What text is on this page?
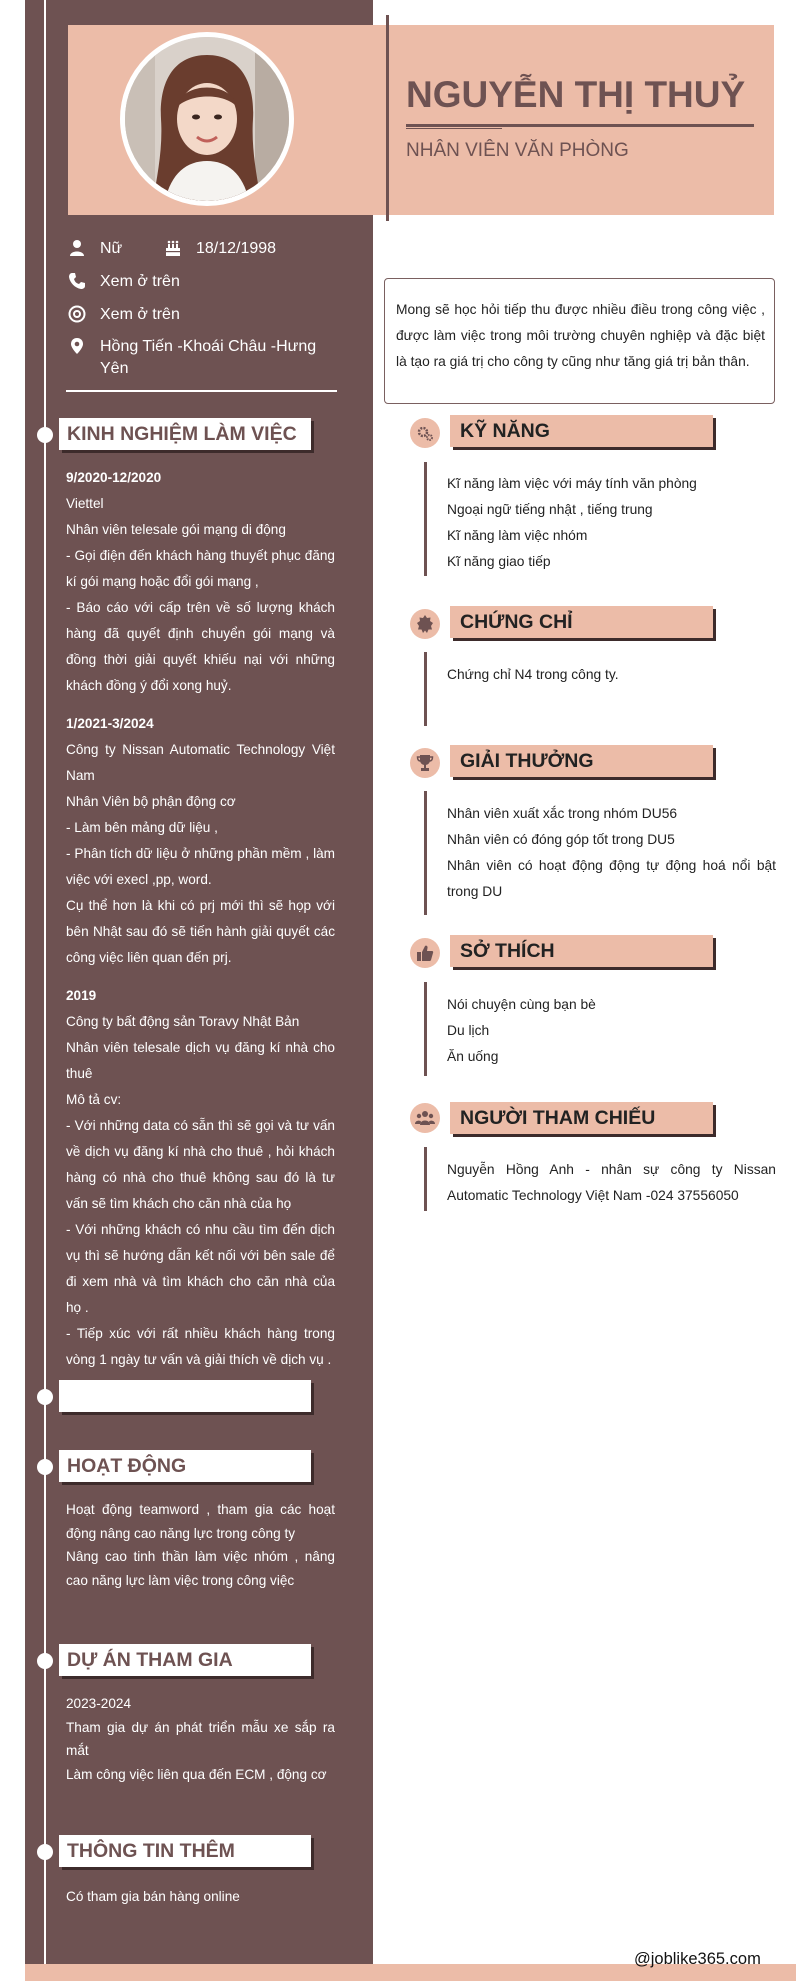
NGUYỄN THỊ THUỶ
NHÂN VIÊN VĂN PHÒNG
Nữ	18/12/1998
Xem ở trên
Xem ở trên
Hồng Tiến -Khoái Châu -Hưng
Yên
KINH NGHIỆM LÀM VIỆC
9/2020-12/2020
Viettel
Nhân viên telesale gói mạng di động
- Gọi điện đến khách hàng thuyết phục đăng kí gói mạng hoặc đổi gói mạng ,
- Báo cáo với cấp trên về số lượng khách hàng đã quyết định chuyển gói mạng và đồng thời giải quyết khiếu nại với những khách đồng ý đổi xong huỷ.
1/2021-3/2024
Công ty Nissan Automatic Technology Việt Nam
Nhân Viên bộ phận động cơ
- Làm bên mảng dữ liệu ,
- Phân tích dữ liệu ở những phần mềm , làm việc với execl ,pp, word.
Cụ thể hơn là khi có prj mới thì sẽ họp với bên Nhật sau đó sẽ tiến hành giải quyết các công việc liên quan đến prj.
2019
Công ty bất động sản Toravy Nhật Bản
Nhân viên telesale dịch vụ đăng kí nhà cho thuê
Mô tả cv:
- Với những data có sẵn thì sẽ gọi và tư vấn về dịch vụ đăng kí nhà cho thuê , hỏi khách hàng có nhà cho thuê không sau đó là tư vấn sẽ tìm khách cho căn nhà của họ
- Với những khách có nhu cầu tìm đến dịch vụ thì sẽ hướng dẫn kết nối với bên sale để đi xem nhà và tìm khách cho căn nhà của họ .
- Tiếp xúc với rất nhiều khách hàng trong vòng 1 ngày tư vấn và giải thích về dịch vụ .
HOẠT ĐỘNG
Hoạt động teamword , tham gia các hoạt động nâng cao năng lực trong công ty
Nâng cao tinh thần làm việc nhóm , nâng cao năng lực làm việc trong công việc
DỰ ÁN THAM GIA
2023-2024
Tham gia dự án phát triển mẫu xe sắp ra mắt
Làm công việc liên qua đến ECM , động cơ
THÔNG TIN THÊM
Có tham gia bán hàng online
Mong sẽ học hỏi tiếp thu được nhiều điều trong công việc , được làm việc trong môi trường chuyên nghiệp và đặc biệt là tạo ra giá trị cho công ty cũng như tăng giá trị bản thân.
KỸ NĂNG
Kĩ năng làm việc với máy tính văn phòng
Ngoại ngữ tiếng nhật , tiếng trung
Kĩ năng làm việc nhóm
Kĩ năng giao tiếp
CHỨNG CHỈ
Chứng chỉ N4 trong công ty.
GIẢI THƯỞNG
Nhân viên xuất xắc trong nhóm DU56
Nhân viên có đóng góp tốt trong DU5
Nhân viên có hoạt động động tự động hoá nổi bật trong DU
SỞ THÍCH
Nói chuyện cùng bạn bè
Du lịch
Ăn uống
NGƯỜI THAM CHIẾU
Nguyễn Hồng Anh - nhân sự công ty Nissan Automatic Technology Việt Nam -024 37556050
@joblike365.com
